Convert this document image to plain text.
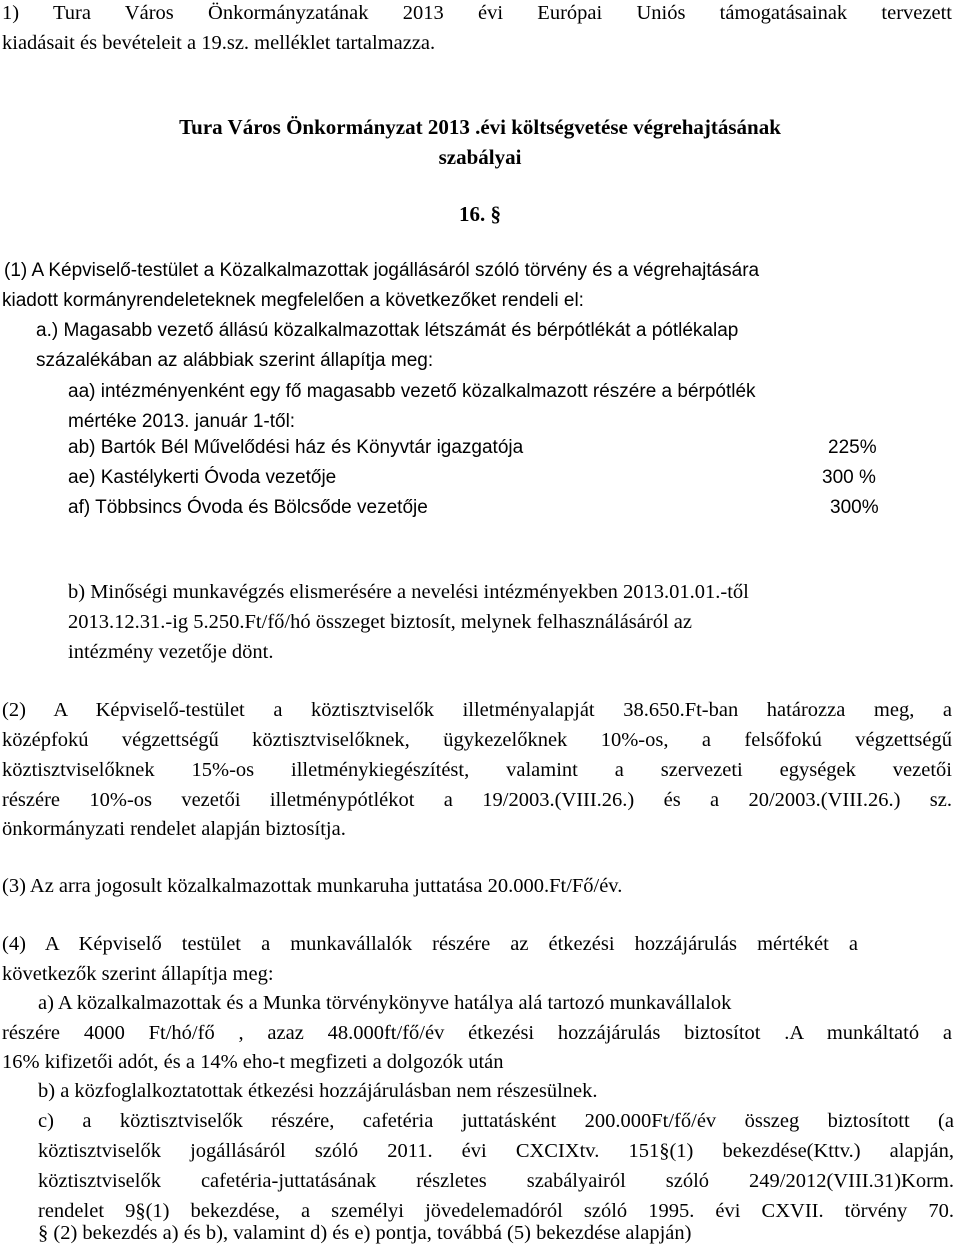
1) Tura Város Önkormányzatának 2013 évi Európai Uniós támogatásainak tervezett
kiadásait és bevételeit a 19.sz. melléklet tartalmazza.
Tura Város Önkormányzat 2013 .évi költségvetése végrehajtásának
szabályai
16. §
(1) A Képviselő-testület a Közalkalmazottak jogállásáról szóló törvény és a végrehajtására
kiadott kormányrendeleteknek megfelelően a következőket rendeli el:
a.) Magasabb vezető állású közalkalmazottak létszámát és bérpótlékát a pótlékalap
százalékában az alábbiak szerint állapítja meg:
aa) intézményenként egy fő magasabb vezető közalkalmazott részére a bérpótlék
mértéke 2013. január 1-től:
ab) Bartók Bél Művelődési ház és Könyvtár igazgatója	225%
ae) Kastélykerti Óvoda vezetője	300 %
af) Többsincs Óvoda és Bölcsőde vezetője	300%
b) Minőségi munkavégzés elismerésére a nevelési intézményekben 2013.01.01.-től
2013.12.31.-ig 5.250.Ft/fő/hó összeget biztosít, melynek felhasználásáról az
intézmény vezetője dönt.
(2) A Képviselő-testület a köztisztviselők illetményalapját 38.650.Ft-ban határozza meg, a
középfokú végzettségű köztisztviselőknek, ügykezelőknek 10%-os, a felsőfokú végzettségű
köztisztviselőknek 15%-os illetménykiegészítést, valamint a szervezeti egységek vezetői
részére 10%-os vezetői illetménypótlékot a 19/2003.(VIII.26.) és a 20/2003.(VIII.26.) sz.
önkormányzati rendelet alapján biztosítja.
(3) Az arra jogosult közalkalmazottak munkaruha juttatása 20.000.Ft/Fő/év.
(4) A Képviselő testület a munkavállalók részére az étkezési hozzájárulás mértékét a
következők szerint állapítja meg:
a) A közalkalmazottak és a Munka törvénykönyve hatálya alá tartozó munkavállalok
részére 4000 Ft/hó/fő , azaz 48.000ft/fő/év étkezési hozzájárulás biztosítot .A munkáltató a
16% kifizetői adót, és a 14% eho-t megfizeti a dolgozók után
b) a közfoglalkoztatottak étkezési hozzájárulásban nem részesülnek.
c) a köztisztviselők részére, cafetéria juttatásként 200.000Ft/fő/év összeg biztosított (a
köztisztviselők jogállásáról szóló 2011. évi CXCIXtv. 151§(1) bekezdése(Kttv.) alapján,
köztisztviselők cafetéria-juttatásának részletes szabályairól szóló 249/2012(VIII.31)Korm.
rendelet 9§(1) bekezdése, a személyi jövedelemadóról szóló 1995. évi CXVII. törvény 70.
§ (2) bekezdés a) és b), valamint d) és e) pontja, továbbá (5) bekezdése alapján)
